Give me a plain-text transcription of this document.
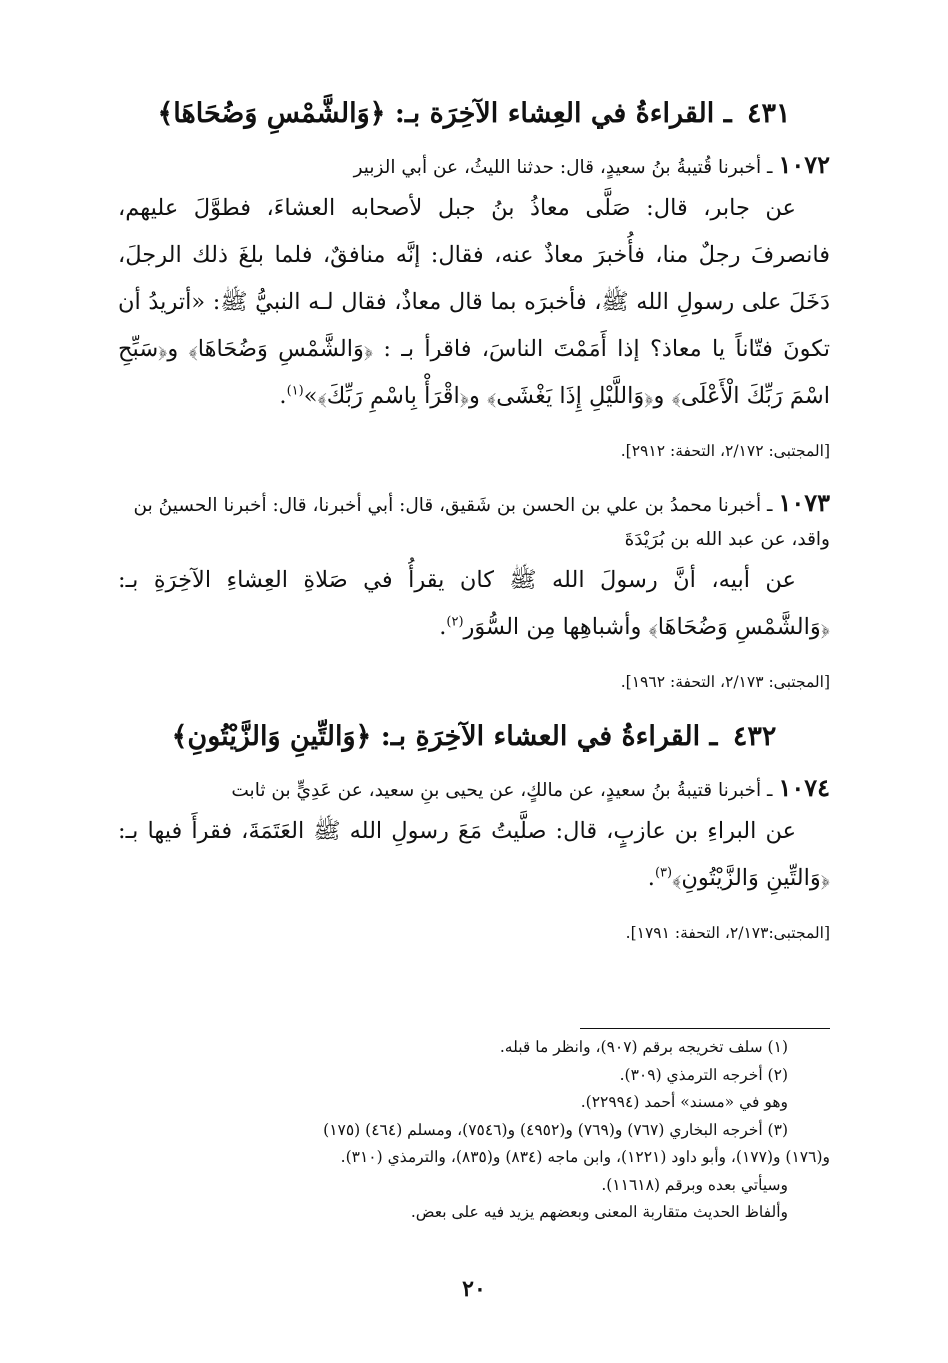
٤٣١ ـ القراءةُ في العِشاء الآخِرَة بـ: ﴿وَالشَّمْسِ وَضُحَاهَا﴾

١٠٧٢ـ أخبرنا قُتيبةُ بنُ سعيدٍ، قال: حدثنا الليثُ، عن أبي الزبير

عن جابر، قال: صَلَّى معاذُ بنُ جبل لأصحابه العشاءَ، فطوَّلَ عليهم، فانصرفَ رجلٌ منا، فأُخبرَ معاذٌ عنه، فقال: إنَّه منافقٌ، فلما بلغَ ذلك الرجلَ، دَخَلَ على رسولِ الله ﷺ، فأخبرَه بما قال معاذٌ، فقال لـه النبيُّ ﷺ: «أتريدُ أن تكونَ فتّاناً يا معاذ؟ إذا أَمَمْتَ الناسَ، فاقرأ بـ : ﴿وَالشَّمْسِ وَضُحَاهَا﴾ و﴿سَبِّحِ اسْمَ رَبِّكَ الْأَعْلَى﴾ و﴿وَاللَّيْلِ إِذَا يَغْشَى﴾ و﴿اقْرَأْ بِاسْمِ رَبِّكَ﴾»$^{(١)}$.

[المجتبى: ٢/١٧٢، التحفة: ٢٩١٢].

١٠٧٣ـ أخبرنا محمدُ بن علي بن الحسن بن شَقيق، قال: أبي أخبرنا، قال: أخبرنا الحسينُ بن واقد، عن عبد الله بن بُرَيْدَةَ

عن أبيه، أنَّ رسولَ الله ﷺ كان يقرأُ في صَلاةِ العِشاءِ الآخِرَةِ بـ: ﴿وَالشَّمْسِ وَضُحَاهَا﴾ وأشباهِها مِن السُّوَر$^{(٢)}$.

[المجتبى: ٢/١٧٣، التحفة: ١٩٦٢].

٤٣٢ ـ القراءةُ في العشاء الآخِرَةِ بـ: ﴿وَالتِّينِ وَالزَّيْتُونِ﴾

١٠٧٤ـ أخبرنا قتيبةُ بنُ سعيدٍ، عن مالكٍ، عن يحيى بنِ سعيد، عن عَدِيٍّ بن ثابت

عن البراءِ بن عازبٍ، قال: صلَّيتُ مَعَ رسولِ الله ﷺ العَتَمَةَ، فقرأَ فيها بـ: ﴿وَالتِّينِ وَالزَّيْتُونِ﴾$^{(٣)}$.

[المجتبى:٢/١٧٣، التحفة: ١٧٩١].

(١) سلف تخريجه برقم (٩٠٧)، وانظر ما قبله.

(٢) أخرجه الترمذي (٣٠٩).

وهو في «مسند» أحمد (٢٢٩٩٤).

(٣) أخرجه البخاري (٧٦٧) و(٧٦٩) و(٤٩٥٢) و(٧٥٤٦)، ومسلم (٤٦٤) (١٧٥)

و(١٧٦) و(١٧٧)، وأبو داود (١٢٢١)، وابن ماجه (٨٣٤) و(٨٣٥)، والترمذي (٣١٠).

وسيأتي بعده وبرقم (١١٦١٨).

وألفاظ الحديث متقاربة المعنى وبعضهم يزيد فيه على بعض.

٢٠
